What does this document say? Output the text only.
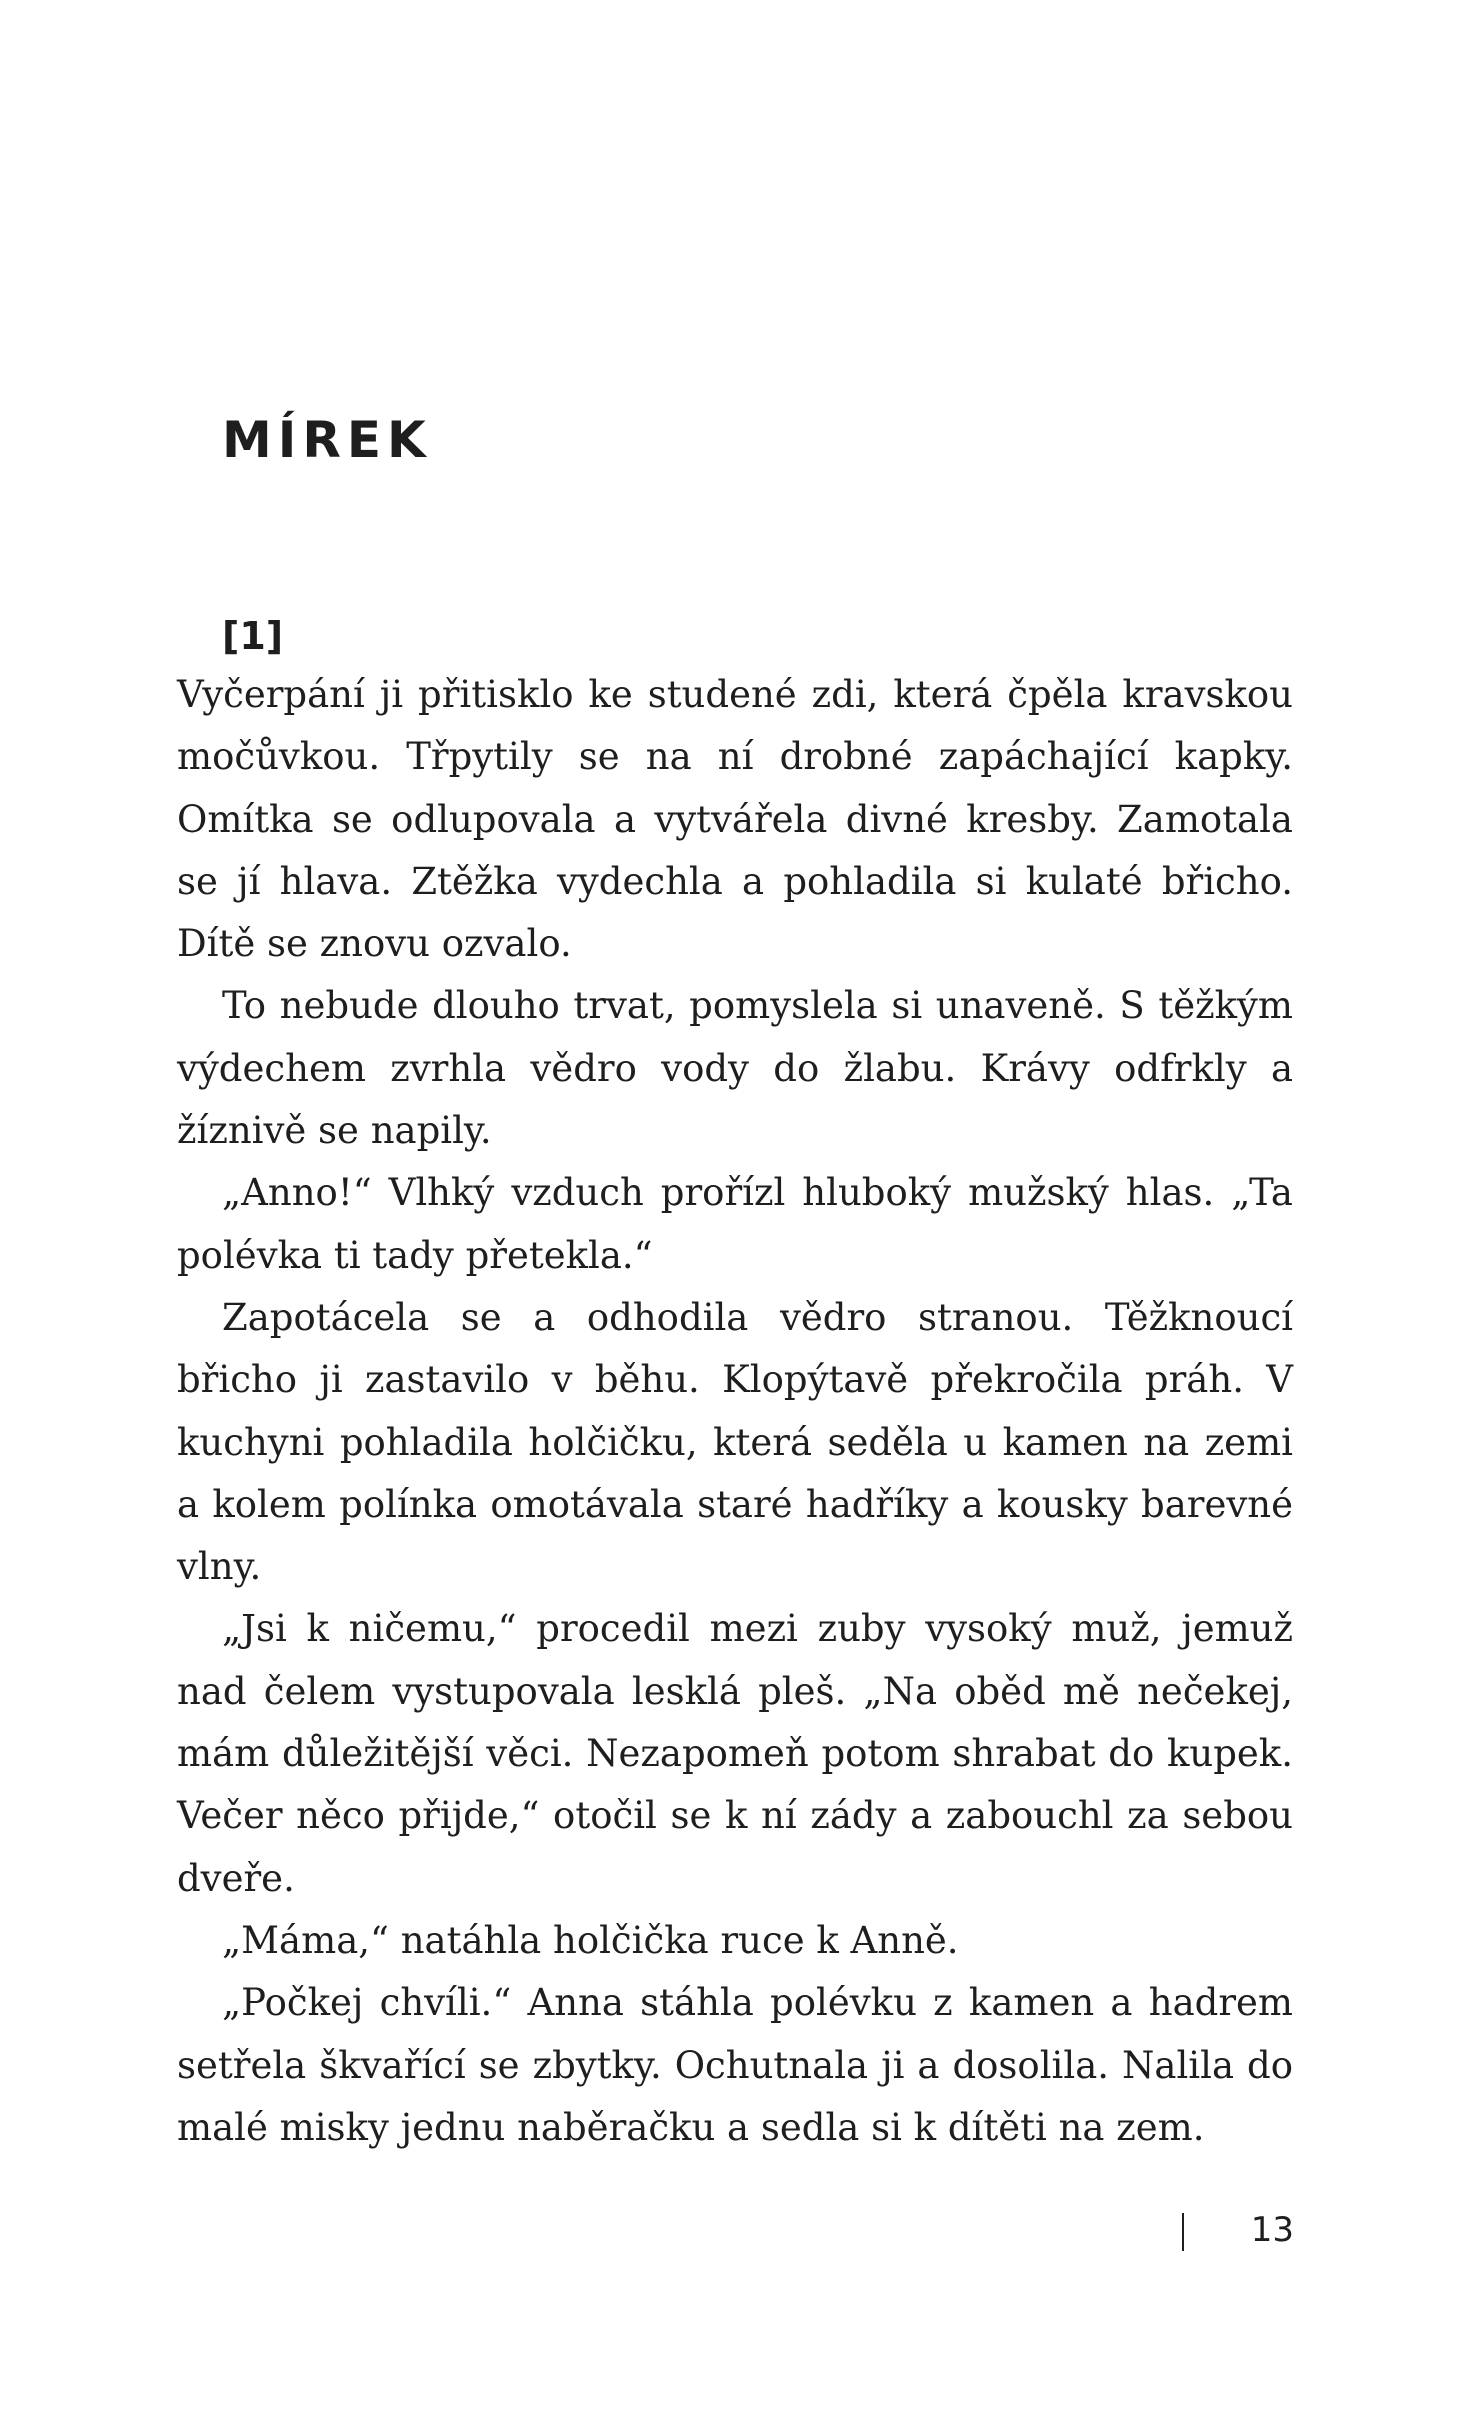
MÍREK
[1]

Vyčerpání ji přitisklo ke studené zdi, která čpěla kravskou močůvkou. Třpytily se na ní drobné zapáchající kapky. Omítka se odlupovala a vytvářela divné kresby. Zamotala se jí hlava. Ztěžka vydechla a pohladila si kulaté břicho. Dítě se znovu ozvalo.

To nebude dlouho trvat, pomyslela si unaveně. S těžkým výdechem zvrhla vědro vody do žlabu. Krávy odfrkly a žíznivě se napily.

„Anno!“ Vlhký vzduch prořízl hluboký mužský hlas. „Ta polévka ti tady přetekla.“

Zapotácela se a odhodila vědro stranou. Těžknoucí břicho ji zastavilo v běhu. Klopýtavě překročila práh. V kuchyni pohladila holčičku, která seděla u kamen na zemi a kolem polínka omotávala staré hadříky a kousky barevné vlny.

„Jsi k ničemu,“ procedil mezi zuby vysoký muž, jemuž nad čelem vystupovala lesklá pleš. „Na oběd mě nečekej, mám důležitější věci. Nezapomeň potom shrabat do kupek. Večer něco přijde,“ otočil se k ní zády a zabouchl za sebou dveře.

„Máma,“ natáhla holčička ruce k Anně.

„Počkej chvíli.“ Anna stáhla polévku z kamen a hadrem setřela škvařící se zbytky. Ochutnala ji a dosolila. Nalila do malé misky jednu naběračku a sedla si k dítěti na zem.

13
